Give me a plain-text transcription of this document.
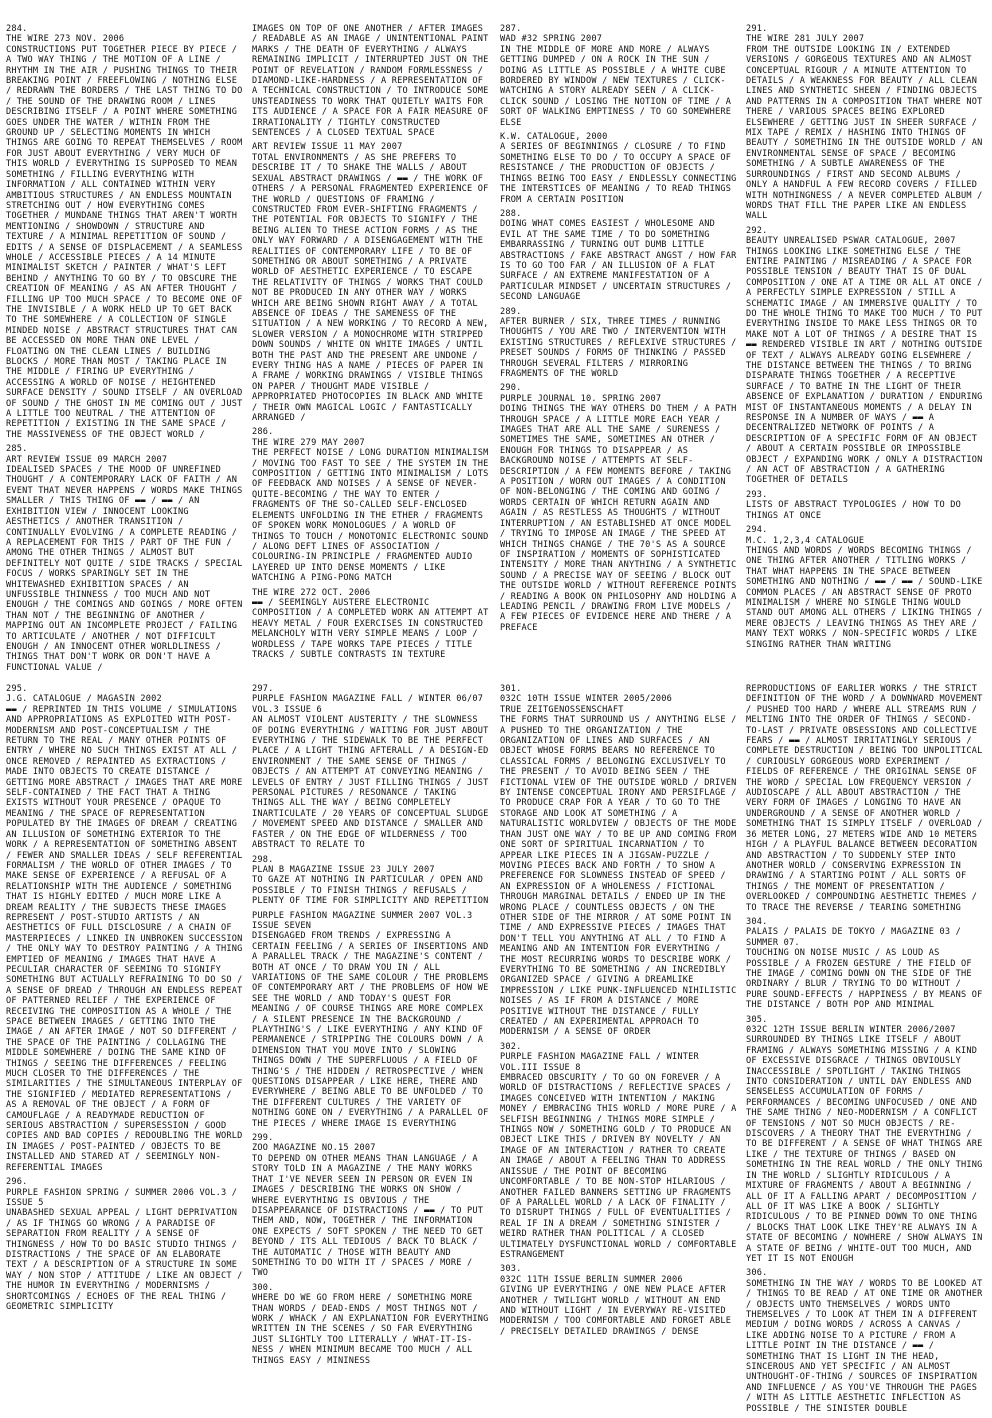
284.
THE WIRE 273 NOV. 2006
CONSTRUCTIONS PUT TOGETHER PIECE BY PIECE / A TWO WAY THING / THE MOTION OF A LINE / RHYTHM IN THE AIR / PUSHING THINGS TO THEIR BREAKING POINT / FREEFLOWING / NOTHING ELSE / REDRAWN THE BORDERS / THE LAST THING TO DO / THE SOUND OF THE DRAWING ROOM / LINES DESCRIBING ITSELF / A POINT WHERE SOMETHING GOES UNDER THE WATER / WITHIN FROM THE GROUND UP / SELECTING MOMENTS IN WHICH THINGS ARE GOING TO REPEAT THEMSELVES / ROOM FOR JUST ABOUT EVERYTHING / VERY MUCH OF THIS WORLD / EVERYTHING IS SUPPOSED TO MEAN SOMETHING / FILLING EVERYTHING WITH INFORMATION / ALL CONTAINED WITHIN VERY AMBITIOUS STRUCTURES / AN ENDLESS MOUNTAIN STRETCHING OUT / HOW EVERYTHING COMES TOGETHER / MUNDANE THINGS THAT AREN'T WORTH MENTIONING / SHOWDOWN / STRUCTURE AND TEXTURE / A MINIMAL REPETITION OF SOUND / EDITS / A SENSE OF DISPLACEMENT / A SEAMLESS WHOLE / ACCESSIBLE PIECES / A 14 MINUTE MINIMALIST SKETCH / PAINTER / WHAT'S LEFT BEHIND / ANYTHING TO GO BY / TO OBSCURE THE CREATION OF MEANING / AS AN AFTER THOUGHT / FILLING UP TOO MUCH SPACE / TO BECOME ONE OF THE INVISIBLE / A WORK HELD UP TO GET BACK TO THE SOMEWHERE / A COLLECTION OF SINGLE MINDED NOISE / ABSTRACT STRUCTURES THAT CAN BE ACCESSED ON MORE THAN ONE LEVEL / FLOATING ON THE CLEAN LINES / BUILDING BLOCKS / MORE THAN MOST / TAKING PLACE IN THE MIDDLE / FIRING UP EVERYTHING / ACCESSING A WORLD OF NOISE / HEIGHTENED SURFACE DENSITY / SOUND ITSELF / AN OVERLOAD OF SOUND / THE GHOST IN ME COMING OUT / JUST A LITTLE TOO NEUTRAL / THE ATTENTION OF REPETITION / EXISTING IN THE SAME SPACE / THE MASSIVENESS OF THE OBJECT WORLD /
285.
ART REVIEW ISSUE 09 MARCH 2007
IDEALISED SPACES / THE MOOD OF UNREFINED THOUGHT / A CONTEMPORARY LACK OF FAITH / AN EVENT THAT NEVER HAPPENS / WORDS MAKE THINGS SMALLER / THIS THING OF ▬▬ / ▬▬ / AN EXHIBITION VIEW / INNOCENT LOOKING AESTHETICS / ANOTHER TRANSITION / CONTINUALLY EVOLVING / A COMPLETE READING / A REPLACEMENT FOR THIS / PART OF THE FUN / AMONG THE OTHER THINGS / ALMOST BUT DEFINITELY NOT QUITE / SIDE TRACKS / SPECIAL FOCUS / WORKS SPARINGLY SET IN THE WHITEWASHED EXHIBITION SPACES / AN UNFUSSIBLE THINNESS / TOO MUCH AND NOT ENOUGH / THE COMINGS AND GOINGS / MORE OFTEN THAN NOT / THE BEGINNING OF ANOTHER / MAPPING OUT AN INCOMPLETE PROJECT / FAILING TO ARTICULATE / ANOTHER / NOT DIFFICULT ENOUGH / AN INNOCENT OTHER WORLDLINESS / THINGS THAT DON'T WORK OR DON'T HAVE A FUNCTIONAL VALUE /
IMAGES ON TOP OF ONE ANOTHER / AFTER IMAGES / READABLE AS AN IMAGE / UNINTENTIONAL PAINT MARKS / THE DEATH OF EVERYTHING / ALWAYS REMAINING IMPLICIT / INTERRUPTED JUST ON THE POINT OF REVELATION / RANDOM FORMLESSNESS / DIAMOND-LIKE-HARDNESS / A REPRESENTATION OF A TECHNICAL CONSTRUCTION / TO INTRODUCE SOME UNSTEADINESS TO WORK THAT QUIETLY WAITS FOR ITS AUDIENCE / A SPACE FOR A FAIR MEASURE OF IRRATIONALITY / TIGHTLY CONSTRUCTED SENTENCES / A CLOSED TEXTUAL SPACE
ART REVIEW ISSUE 11 MAY 2007
TOTAL ENVIRONMENTS / AS SHE PREFERS TO DESCRIBE IT / TO SHAKE THE WALLS / ABOUT SEXUAL ABSTRACT DRAWINGS / ▬▬ / THE WORK OF OTHERS / A PERSONAL FRAGMENTED EXPERIENCE OF THE WORLD / QUESTIONS OF FRAMING / CONSTRUCTED FROM EVER-SHIFTING FRAGMENTS / THE POTENTIAL FOR OBJECTS TO SIGNIFY / THE BEING ALIEN TO THESE ACTION FORMS / AS THE ONLY WAY FORWARD / A DISENGAGEMENT WITH THE REALITIES OF CONTEMPORARY LIFE / TO BE OF SOMETHING OR ABOUT SOMETHING / A PRIVATE WORLD OF AESTHETIC EXPERIENCE / TO ESCAPE THE RELATIVITY OF THINGS / WORKS THAT COULD NOT BE PRODUCED IN ANY OTHER WAY / WORKS WHICH ARE BEING SHOWN RIGHT AWAY / A TOTAL ABSENCE OF IDEAS / THE SAMENESS OF THE SITUATION / A NEW WORKING / TO RECORD A NEW, SLOWER VERSION / A MONOCHROME WITH STRIPPED DOWN SOUNDS / WHITE ON WHITE IMAGES / UNTIL BOTH THE PAST AND THE PRESENT ARE UNDONE / EVERY THING HAS A NAME / PIECES OF PAPER IN A FRAME / WORKING DRAWINGS / VISIBLE THINGS ON PAPER / THOUGHT MADE VISIBLE / APPROPRIATED PHOTOCOPIES IN BLACK AND WHITE / THEIR OWN MAGICAL LOGIC / FANTASTICALLY ARRANGED /
286.
THE WIRE 279 MAY 2007
THE PERFECT NOISE / LONG DURATION MINIMALISM / MOVING TOO FAST TO SEE / THE SYSTEM IN THE COMPOSITION / GETTING INTO MINIMALISM / LOTS OF FEEDBACK AND NOISES / A SENSE OF NEVER-QUITE-BECOMING / THE WAY TO ENTER / FRAGMENTS OF THE SO-CALLED SELF-ENCLOSED ELEMENTS UNFOLDING IN THE ETHER / FRAGMENTS OF SPOKEN WORK MONOLOGUES / A WORLD OF THINGS TO TOUCH / MONOTONIC ELECTRONIC SOUND / ALONG DEFT LINES OF ASSOCIATION / COLOURING-IN PRINCIPLE / FRAGMENTED AUDIO LAYERED UP INTO DENSE MOMENTS / LIKE WATCHING A PING-PONG MATCH
THE WIRE 272 OCT. 2006
▬▬ / SEEMINGLY AUSTERE ELECTRONIC COMPOSITION / A COMPLETED WORK AN ATTEMPT AT HEAVY METAL / FOUR EXERCISES IN CONSTRUCTED MELANCHOLY WITH VERY SIMPLE MEANS / LOOP / WORDLESS / TAPE WORKS TAPE PIECES / TITLE TRACKS / SUBTLE CONTRASTS IN TEXTURE
287.
WAD #32 SPRING 2007
IN THE MIDDLE OF MORE AND MORE / ALWAYS GETTING DUMPED / ON A ROCK IN THE SUN / DOING AS LITTLE AS POSSIBLE / A WHITE CUBE BORDERED BY WINDOW / NEW TEXTURES / CLICK-WATCHING A STORY ALREADY SEEN / A CLICK-CLICK SOUND / LOSING THE NOTION OF TIME / A SORT OF WALKING EMPTINESS / TO GO SOMEWHERE ELSE
K.W. CATALOGUE, 2000
A SERIES OF BEGINNINGS / CLOSURE / TO FIND SOMETHING ELSE TO DO / TO OCCUPY A SPACE OF RESISTANCE / THE PRODUCTION OF OBJECTS / THINGS BEING TOO EASY / ENDLESSLY CONNECTING THE INTERSTICES OF MEANING / TO READ THINGS FROM A CERTAIN POSITION
288.
DOING WHAT COMES EASIEST / WHOLESOME AND EVIL AT THE SAME TIME / TO DO SOMETHING EMBARRASSING / TURNING OUT DUMB LITTLE ABSTRACTIONS / FAKE ABSTRACT ANGST / HOW FAR IS TO GO TOO FAR / AN ILLUSION OF A FLAT SURFACE / AN EXTREME MANIFESTATION OF A PARTICULAR MINDSET / UNCERTAIN STRUCTURES / SECOND LANGUAGE
289.
AFTER BURNER / SIX, THREE TIMES / RUNNING THOUGHTS / YOU ARE TWO / INTERVENTION WITH EXISTING STRUCTURES / REFLEXIVE STRUCTURES / PRESET SOUNDS / FORMS OF THINKING / PASSED THROUGH SEVERAL FILTERS / MIRRORING FRAGMENTS OF THE WORLD
290.
PURPLE JOURNAL 10. SPRING 2007
DOING THINGS THE WAY OTHERS DO THEM / A PATH THROUGH SPACE / A LITTLE MORE EACH YEAR / IMAGES THAT ARE ALL THE SAME / SURENESS / SOMETIMES THE SAME, SOMETIMES AN OTHER / ENOUGH FOR THINGS TO DISAPPEAR / AS BACKGROUND NOISE / ATTEMPTS AT SELF-DESCRIPTION / A FEW MOMENTS BEFORE / TAKING A POSITION / WORN OUT IMAGES / A CONDITION OF NON-BELONGING / THE COMING AND GOING / WORDS CERTAIN OF WHICH RETURN AGAIN AND AGAIN / AS RESTLESS AS THOUGHTS / WITHOUT INTERRUPTION / AN ESTABLISHED AT ONCE MODEL / TRYING TO IMPOSE AN IMAGE / THE SPEED AT WHICH THINGS CHANGE / THE 70'S AS A SOURCE OF INSPIRATION / MOMENTS OF SOPHISTICATED INTENSITY / MORE THAN ANYTHING / A SYNTHETIC SOUND / A PRECISE WAY OF SEEING / BLOCK OUT THE OUTSIDE WORLD / WITHOUT REFERENCE POINTS / READING A BOOK ON PHILOSOPHY AND HOLDING A LEADING PENCIL / DRAWING FROM LIVE MODELS / A FEW PIECES OF EVIDENCE HERE AND THERE / A PREFACE
291.
THE WIRE 281 JULY 2007
FROM THE OUTSIDE LOOKING IN / EXTENDED VERSIONS / GORGEOUS TEXTURES AND AN ALMOST CONCEPTUAL RIGOUR / A MINUTE ATTENTION TO DETAILS / A WEAKNESS FOR BEAUTY / ALL CLEAN LINES AND SYNTHETIC SHEEN / FINDING OBJECTS AND PATTERNS IN A COMPOSITION THAT WHERE NOT THERE / VARIOUS SPACES BEING EXPLORED ELSEWHERE / GETTING JUST IN SHEER SURFACE / MIX TAPE / REMIX / HASHING INTO THINGS OF BEAUTY / SOMETHING IN THE OUTSIDE WORLD / AN ENVIRONMENTAL SENSE OF SPACE / BECOMING SOMETHING / A SUBTLE AWARENESS OF THE SURROUNDINGS / FIRST AND SECOND ALBUMS / ONLY A HANDFUL A FEW RECORD COVERS / FILLED WITH NOTHINGNESS / A NEVER COMPLETED ALBUM / WORDS THAT FILL THE PAPER LIKE AN ENDLESS WALL
292.
BEAUTY UNREALISED PSWAR CATALOGUE, 2007
THINGS LOOKING LIKE SOMETHING ELSE / THE ENTIRE PAINTING / MISREADING / A SPACE FOR POSSIBLE TENSION / BEAUTY THAT IS OF DUAL COMPOSITION / ONE AT A TIME OR ALL AT ONCE / A PERFECTLY SIMPLE EXPRESSION / STILL A SCHEMATIC IMAGE / AN IMMERSIVE QUALITY / TO DO THE WHOLE THING TO MAKE TOO MUCH / TO PUT EVERYTHING INSIDE TO MAKE LESS THINGS OR TO MAKE NOT A LOT OF THINGS / A DESIRE THAT IS ▬▬ RENDERED VISIBLE IN ART / NOTHING OUTSIDE OF TEXT / ALWAYS ALREADY GOING ELSEWHERE / THE DISTANCE BETWEEN THE THINGS / TO BRING DISPARATE THINGS TOGETHER / A RECEPTIVE SURFACE / TO BATHE IN THE LIGHT OF THEIR ABSENCE OF EXPLANATION / DURATION / ENDURING MIST OF INSTANTANEOUS MOMENTS / A DELAY IN RESPONSE IN A NUMBER OF WAYS / ▬▬ A DECENTRALIZED NETWORK OF POINTS / A DESCRIPTION OF A SPECIFIC FORM OF AN OBJECT / ABOUT A CERTAIN POSSIBLE OR IMPOSSIBLE OBJECT / EXPANDING WORK / ONLY A DISTRACTION / AN ACT OF ABSTRACTION / A GATHERING TOGETHER OF DETAILS
293.
LISTS OF ABSTRACT TYPOLOGIES / HOW TO DO THINGS AT ONCE
294.
M.C. 1,2,3,4 CATALOGUE
THINGS AND WORDS / WORDS BECOMING THINGS / ONE THING AFTER ANOTHER / TITLING WORKS / THAT WHAT HAPPENS IN THE SPACE BETWEEN SOMETHING AND NOTHING / ▬▬ / ▬▬ / SOUND-LIKE COMMON PLACES / AN ABSTRACT SENSE OF PROTO MINIMALISM / WHERE NO SINGLE THING WOULD STAND OUT AMONG ALL OTHERS / LIKING THINGS / MERE OBJECTS / LEAVING THINGS AS THEY ARE / MANY TEXT WORKS / NON-SPECIFIC WORDS / LIKE SINGING RATHER THAN WRITING
295.
J.G. CATALOGUE / MAGASIN 2002
▬▬ / REPRINTED IN THIS VOLUME / SIMULATIONS AND APPROPRIATIONS AS EXPLOITED WITH POST-MODERNISM AND POST-CONCEPTUALISM / THE RETURN TO THE REAL / MANY OTHER POINTS OF ENTRY / WHERE NO SUCH THINGS EXIST AT ALL / ONCE REMOVED / REPAINTED AS EXTRACTIONS / MADE INTO OBJECTS TO CREATE DISTANCE / GETTING MORE ABSTRACT / IMAGES THAT ARE MORE SELF-CONTAINED / THE FACT THAT A THING EXISTS WITHOUT YOUR PRESENCE / OPAQUE TO MEANING / THE SPACE OF REPRESENTATION POPULATED BY THE IMAGES OF DREAM / CREATING AN ILLUSION OF SOMETHING EXTERIOR TO THE WORK / A REPRESENTATION OF SOMETHING ABSENT / FEWER AND SMALLER IDEAS / SELF REFERENTIAL FORMALISM / THE WORLD OF OTHER IMAGES / TO MAKE SENSE OF EXPERIENCE / A REFUSAL OF A RELATIONSHIP WITH THE AUDIENCE / SOMETHING THAT IS HIGHLY EDITED / MUCH MORE LIKE A DREAM REALITY / THE SUBJECTS THESE IMAGES REPRESENT / POST-STUDIO ARTISTS / AN AESTHETICS OF FULL DISCLOSURE / A CHAIN OF MASTERPIECES / LINKED IN UNBROKEN SUCCESSION / THE ONLY WAY TO DESTROY PAINTING / A THING EMPTIED OF MEANING / IMAGES THAT HAVE A PECULIAR CHARACTER OF SEEMING TO SIGNIFY SOMETHING BUT ACTUALLY REFRAINING TO DO SO / A SENSE OF DREAD / THROUGH AN ENDLESS REPEAT OF PATTERNED RELIEF / THE EXPERIENCE OF RECEIVING THE COMPOSITION AS A WHOLE / THE SPACE BETWEEN IMAGES / GETTING INTO THE IMAGE / AN AFTER IMAGE / NOT SO DIFFERENT / THE SPACE OF THE PAINTING / COLLAGING THE MIDDLE SOMEWHERE / DOING THE SAME KIND OF THINGS / SEEING THE DIFFERENCES / FEELING MUCH CLOSER TO THE DIFFERENCES / THE SIMILARITIES / THE SIMULTANEOUS INTERPLAY OF THE SIGNIFIED / MEDIATED REPRESENTATIONS / AS A REMOVAL OF THE OBJECT / A FORM OF CAMOUFLAGE / A READYMADE REDUCTION OF SERIOUS ABSTRACTION / SUPERSESSION / GOOD COPIES AND BAD COPIES / REDOUBLING THE WORLD IN IMAGES / POST-PAINTED / OBJECTS TO BE INSTALLED AND STARED AT / SEEMINGLY NON-REFERENTIAL IMAGES
296.
PURPLE FASHION SPRING / SUMMER 2006 VOL.3 / ISSUE 5
UNABASHED SEXUAL APPEAL / LIGHT DEPRIVATION / AS IF THINGS GO WRONG / A PARADISE OF SEPARATION FROM REALITY / A SENSE OF THINGNESS / HOW TO DO BASIC STUDIO THINGS / DISTRACTIONS / THE SPACE OF AN ELABORATE TEXT / A DESCRIPTION OF A STRUCTURE IN SOME WAY / NON STOP / ATTITUDE / LIKE AN OBJECT / THE HUMOR IN EVERYTHING / MODERNISMS / SHORTCOMINGS / ECHOES OF THE REAL THING / GEOMETRIC SIMPLICITY
297.
PURPLE FASHION MAGAZINE FALL / WINTER 06/07 VOL.3 ISSUE 6
AN ALMOST VIOLENT AUSTERITY / THE SLOWNESS OF DOING EVERYTHING / WAITING FOR JUST ABOUT EVERYTHING / THE SIDEWALK TO BE THE PERFECT PLACE / A LIGHT THING AFTERALL / A DESIGN-ED ENVIRONMENT / THE SAME SENSE OF THINGS / OBJECTS / AN ATTEMPT AT CONVEYING MEANING / LEVELS OF ENTRY / JUST FILLING THINGS / JUST PERSONAL PICTURES / RESONANCE / TAKING THINGS ALL THE WAY / BEING COMPLETELY INARTICULATE / 20 YEARS OF CONCEPTUAL SLUDGE / MOVEMENT SPEED AND DISTANCE / SMALLER AND FASTER / ON THE EDGE OF WILDERNESS / TOO ABSTRACT TO RELATE TO
298.
PLAN B MAGAZINE ISSUE 23 JULY 2007
TO GAZE AT NOTHING IN PARTICULAR / OPEN AND POSSIBLE / TO FINISH THINGS / REFUSALS / PLENTY OF TIME FOR SIMPLICITY AND REPETITION
PURPLE FASHION MAGAZINE SUMMER 2007 VOL.3 ISSUE SEVEN
DISENGAGED FROM TRENDS / EXPRESSING A CERTAIN FEELING / A SERIES OF INSERTIONS AND A PARALLEL TRACK / THE MAGAZINE'S CONTENT / BOTH AT ONCE / TO DRAW YOU IN / ALL VARIATIONS OF THE SAME COLOUR / THE PROBLEMS OF CONTEMPORARY ART / THE PROBLEMS OF HOW WE SEE THE WORLD / AND TODAY'S QUEST FOR MEANING / OF COURSE THINGS ARE MORE COMPLEX / A SILENT PRESENCE IN THE BACKGROUND / PLAYTHING'S / LIKE EVERYTHING / ANY KIND OF PERMANENCE / STRIPPING THE COLOURS DOWN / A DIMENSION THAT YOU MOVE INTO / SLOWING THINGS DOWN / THE SUPERFLUOUS / A FIELD OF THING'S / THE HIDDEN / RETROSPECTIVE / WHEN QUESTIONS DISAPPEAR / LIKE HERE, THERE AND EVERYWHERE / BEING ABLE TO BE UNFOLDED / TO THE DIFFERENT CULTURES / THE VARIETY OF NOTHING GONE ON / EVERYTHING / A PARALLEL OF THE PIECES / WHERE IMAGE IS EVERYTHING
299.
ZOO MAGAZINE NO.15 2007
TO DEPEND ON OTHER MEANS THAN LANGUAGE / A STORY TOLD IN A MAGAZINE / THE MANY WORKS THAT I'VE NEVER SEEN IN PERSON OR EVEN IN IMAGES / DESCRIBING THE WORKS ON SHOW / WHERE EVERYTHING IS OBVIOUS / THE DISAPPEARANCE OF DISTRACTIONS / ▬▬ / TO PUT THEM AND, NOW, TOGETHER / THE INFORMATION ONE EXPECTS / SOFT SPOKEN / THE NEED TO GET BEYOND / ITS ALL TEDIOUS / BACK TO BLACK / THE AUTOMATIC / THOSE WITH BEAUTY AND SOMETHING TO DO WITH IT / SPACES / MORE / TWO
300.
WHERE DO WE GO FROM HERE / SOMETHING MORE THAN WORDS / DEAD-ENDS / MOST THINGS NOT / WORK / WHACK / AN EXPLANATION FOR EVERYTHING WRITTEN IN THE SCENES / SO FAR EVERYTHING JUST SLIGHTLY TOO LITERALLY / WHAT-IT-IS-NESS / WHEN MINIMUM BECAME TOO MUCH / ALL THINGS EASY / MININESS
301.
032C 10TH ISSUE WINTER 2005/2006
TRUE ZEITGENOSSENSCHAFT
THE FORMS THAT SURROUND US / ANYTHING ELSE / A PUSHED TO THE ORGANIZATION / THE ORGANIZATION OF LINES AND SURFACES / AN OBJECT WHOSE FORMS BEARS NO REFERENCE TO CLASSICAL FORMS / BELONGING EXCLUSIVELY TO THE PRESENT / TO AVOID BEING SEEN / THE FICTIONAL VIEW OF THE OUTSIDE WORLD / DRIVEN BY INTENSE CONCEPTUAL IRONY AND PERSIFLAGE / TO PRODUCE CRAP FOR A YEAR / TO GO TO THE STORAGE AND LOOK AT SOMETHING / A NATURALISTIC WORLDVIEW / OBJECTS OF THE MODE THAN JUST ONE WAY / TO BE UP AND COMING FROM ONE SORT OF SPIRITUAL INCARNATION / TO APPEAR LIKE PIECES IN A JIGSAW-PUZZLE / MOVING PIECES BACK AND FORTH / TO SHOW A PREFERENCE FOR SLOWNESS INSTEAD OF SPEED / AN EXPRESSION OF A WHOLENESS / FICTIONAL THROUGH MARGINAL DETAILS / ENDED UP IN THE WRONG PLACE / COUNTLESS OBJECTS / ON THE OTHER SIDE OF THE MIRROR / AT SOME POINT IN TIME / AND EXPRESSIVE PIECES / IMAGES THAT DON'T TELL YOU ANYTHING AT ALL / TO FIND A MEANING AND AN INTENTION FOR EVERYTHING / THE MOST RECURRING WORDS TO DESCRIBE WORK / EVERYTHING TO BE SOMETHING / AN INCREDIBLY ORGANIZED SPACE / GIVING A DREAMLIKE IMPRESSION / LIKE PUNK-INFLUENCED NIHILISTIC NOISES / AS IF FROM A DISTANCE / MORE POSITIVE WITHOUT THE DISTANCE / FULLY CREATED / AN EXPERIMENTAL APPROACH TO MODERNISM / A SENSE OF ORDER
302.
PURPLE FASHION MAGAZINE FALL / WINTER VOL.III ISSUE 8
EMBRACED OBSCURITY / TO GO ON FOREVER / A WORLD OF DISTRACTIONS / REFLECTIVE SPACES / IMAGES CONCEIVED WITH INTENTION / MAKING MONEY / EMBRACING THIS WORLD / MORE PURE / A SELFISH BEGINNING / THINGS MORE SIMPLE / THINGS NOW / SOMETHING GOLD / TO PRODUCE AN OBJECT LIKE THIS / DRIVEN BY NOVELTY / AN IMAGE OF AN INTERACTION / RATHER TO CREATE AN IMAGE / ABOUT A FEELING THAN TO ADDRESS ANISSUE / THE POINT OF BECOMING UNCOMFORTABLE / TO BE NON-STOP HILARIOUS / ANOTHER FAILED BANNERS SETTING UP FRAGMENTS OF A PARALLEL WORLD / A LACK OF FINALITY / TO DISRUPT THINGS / FULL OF EVENTUALITIES / REAL IF IN A DREAM / SOMETHING SINISTER / WEIRD RATHER THAN POLITICAL / A CLOSED ULTIMATELY DYSFUNCTIONAL WORLD / COMFORTABLE ESTRANGEMENT
303.
032C 11TH ISSUE BERLIN SUMMER 2006
GIVING UP EVERYTHING / ONE NEW PLACE AFTER ANOTHER / TWILIGHT WORLD / WITHOUT AN END AND WITHOUT LIGHT / IN EVERYWAY RE-VISITED MODERNISM / TOO COMFORTABLE AND FORGET ABLE / PRECISELY DETAILED DRAWINGS / DENSE
REPRODUCTIONS OF EARLIER WORKS / THE STRICT DEFINITION OF THE WORD / A DOWNWARD MOVEMENT / PUSHED TOO HARD / WHERE ALL STREAMS RUN / MELTING INTO THE ORDER OF THINGS / SECOND-TO-LAST / PRIVATE OBSESSIONS AND COLLECTIVE FEARS / ▬▬ / ALMOST IRRITATINGLY SERIOUS / COMPLETE DESTRUCTION / BEING TOO UNPOLITICAL / CURIOUSLY GORGEOUS WORD EXPERIMENT / FIELDS OF REFERENCE / THE ORIGINAL SENSE OF THE WORD / SPECIAL LOW FREQUENCY VERSION / AUDIOSCAPE / ALL ABOUT ABSTRACTION / THE VERY FORM OF IMAGES / LONGING TO HAVE AN UNDERGROUND / A SENSE OF ANOTHER WORLD / SOMETHING THAT IS SIMPLY ITSELF / OVERLOAD / 36 METER LONG, 27 METERS WIDE AND 10 METERS HIGH / A PLAYFUL BALANCE BETWEEN DECORATION AND ABSTRACTION / TO SUDDENLY STEP INTO ANOTHER WORLD / CONSERVING EXPRESSION IN DRAWING / A STARTING POINT / ALL SORTS OF THINGS / THE MOMENT OF PRESENTATION / OVERLOOKED / COMPOUNDING AESTHETIC THEMES / TO TRACE THE REVERSE / TEARING SOMETHING
304.
PALAIS / PALAIS DE TOKYO / MAGAZINE 03 / SUMMER 07.
TOUCHING ON NOISE MUSIC / AS LOUD AS POSSIBLE / A FROZEN GESTURE / THE FIELD OF THE IMAGE / COMING DOWN ON THE SIDE OF THE ORDINARY / BLUR / TRYING TO DO WITHOUT / PURE SOUND-EFFECTS / HAPPINESS / BY MEANS OF THE DISTANCE / BOTH POP AND MINIMAL
305.
032C 12TH ISSUE BERLIN WINTER 2006/2007
SURROUNDED BY THINGS LIKE ITSELF / ABOUT FRAMING / ALWAYS SOMETHING MISSING / A KIND OF EXCESSIVE DISGRACE / THINGS OBVIOUSLY INACCESSIBLE / SPOTLIGHT / TAKING THINGS INTO CONSIDERATION / UNTIL DAY ENDLESS AND SENSELESS ACCUMULATION OF FORMS / PERFORMANCES / BECOMING UNFOCUSED / ONE AND THE SAME THING / NEO-MODERNISM / A CONFLICT OF TENSIONS / NOT SO MUCH OBJECTS / RE-DISCOVERS / A THEORY THAT THE EVERYTHING / TO BE DIFFERENT / A SENSE OF WHAT THINGS ARE LIKE / THE TEXTURE OF THINGS / BASED ON SOMETHING IN THE REAL WORLD / THE ONLY THING IN THE WORLD / SLIGHTLY RIDICULOUS / A MIXTURE OF FRAGMENTS / ABOUT A BEGINNING / ALL OF IT A FALLING APART / DECOMPOSITION / ALL OF IT WAS LIKE A BOOK / SLIGHTLY RIDICULOUS / TO BE PINNED DOWN TO ONE THING / BLOCKS THAT LOOK LIKE THEY'RE ALWAYS IN A STATE OF BECOMING / NOWHERE / SHOW ALWAYS IN A STATE OF BEING / WHITE-OUT TOO MUCH, AND YET IT IS NOT ENOUGH
306.
SOMETHING IN THE WAY / WORDS TO BE LOOKED AT / THINGS TO BE READ / AT ONE TIME OR ANOTHER / OBJECTS UNTO THEMSELVES / WORDS UNTO THEMSELVES / TO LOOK AT THEM IN A DIFFERENT MEDIUM / DOING WORDS / ACROSS A CANVAS / LIKE ADDING NOISE TO A PICTURE / FROM A LITTLE POINT IN THE DISTANCE / ▬▬ / SOMETHING THAT IS LIGHT IN THE HEAD, SINCEROUS AND YET SPECIFIC / AN ALMOST UNTHOUGHT-OF-THING / SOURCES OF INSPIRATION AND INFLUENCE / AS YOU'VE THROUGH THE PAGES / WITH AS LITTLE AESTHETIC INFLECTION AS POSSIBLE / THE SINISTER DOUBLE
